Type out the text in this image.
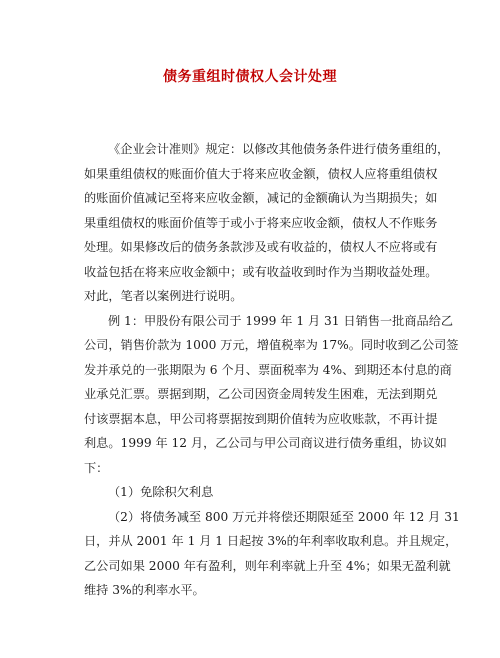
债务重组时债权人会计处理
《企业会计准则》规定：以修改其他债务条件进行债务重组的，
如果重组债权的账面价值大于将来应收金额，债权人应将重组债权
的账面价值减记至将来应收金额，减记的金额确认为当期损失；如
果重组债权的账面价值等于或小于将来应收金额，债权人不作账务
处理。如果修改后的债务条款涉及或有收益的，债权人不应将或有
收益包括在将来应收金额中；或有收益收到时作为当期收益处理。
对此，笔者以案例进行说明。
例 1：甲股份有限公司于 1999 年 1 月 31 日销售一批商品给乙
公司，销售价款为 1000 万元，增值税率为 17%。同时收到乙公司签
发并承兑的一张期限为 6 个月、票面税率为 4%、到期还本付息的商
业承兑汇票。票据到期，乙公司因资金周转发生困难，无法到期兑
付该票据本息，甲公司将票据按到期价值转为应收账款，不再计提
利息。1999 年 12 月，乙公司与甲公司商议进行债务重组，协议如
下：
（1）免除积欠利息
（2）将债务减至 800 万元并将偿还期限延至 2000 年 12 月 31
日，并从 2001 年 1 月 1 日起按 3%的年利率收取利息。并且规定，
乙公司如果 2000 年有盈利，则年利率就上升至 4%；如果无盈利就
维持 3%的利率水平。
